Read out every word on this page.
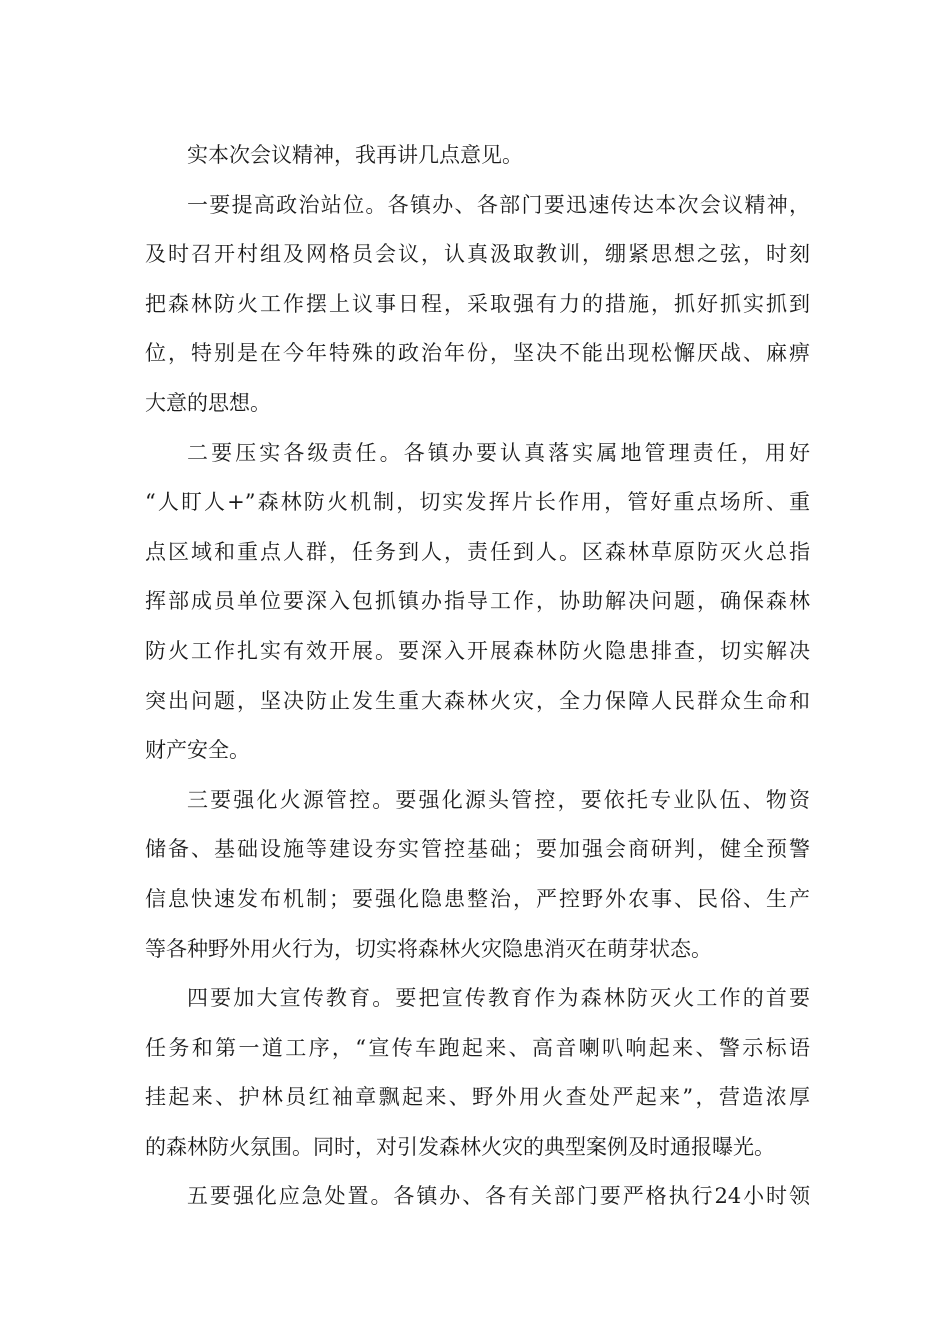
实本次会议精神，我再讲几点意见。
一要提高政治站位。各镇办、各部门要迅速传达本次会议精神，
及时召开村组及网格员会议，认真汲取教训，绷紧思想之弦，时刻
把森林防火工作摆上议事日程，采取强有力的措施，抓好抓实抓到
位，特别是在今年特殊的政治年份，坚决不能出现松懈厌战、麻痹
大意的思想。
二要压实各级责任。各镇办要认真落实属地管理责任，用好
“人盯人+”森林防火机制，切实发挥片长作用，管好重点场所、重
点区域和重点人群，任务到人，责任到人。区森林草原防灭火总指
挥部成员单位要深入包抓镇办指导工作，协助解决问题，确保森林
防火工作扎实有效开展。要深入开展森林防火隐患排查，切实解决
突出问题，坚决防止发生重大森林火灾，全力保障人民群众生命和
财产安全。
三要强化火源管控。要强化源头管控，要依托专业队伍、物资
储备、基础设施等建设夯实管控基础；要加强会商研判，健全预警
信息快速发布机制；要强化隐患整治，严控野外农事、民俗、生产
等各种野外用火行为，切实将森林火灾隐患消灭在萌芽状态。
四要加大宣传教育。要把宣传教育作为森林防灭火工作的首要
任务和第一道工序，“宣传车跑起来、高音喇叭响起来、警示标语
挂起来、护林员红袖章飘起来、野外用火查处严起来”，营造浓厚
的森林防火氛围。同时，对引发森林火灾的典型案例及时通报曝光。
五要强化应急处置。各镇办、各有关部门要严格执行24小时领
